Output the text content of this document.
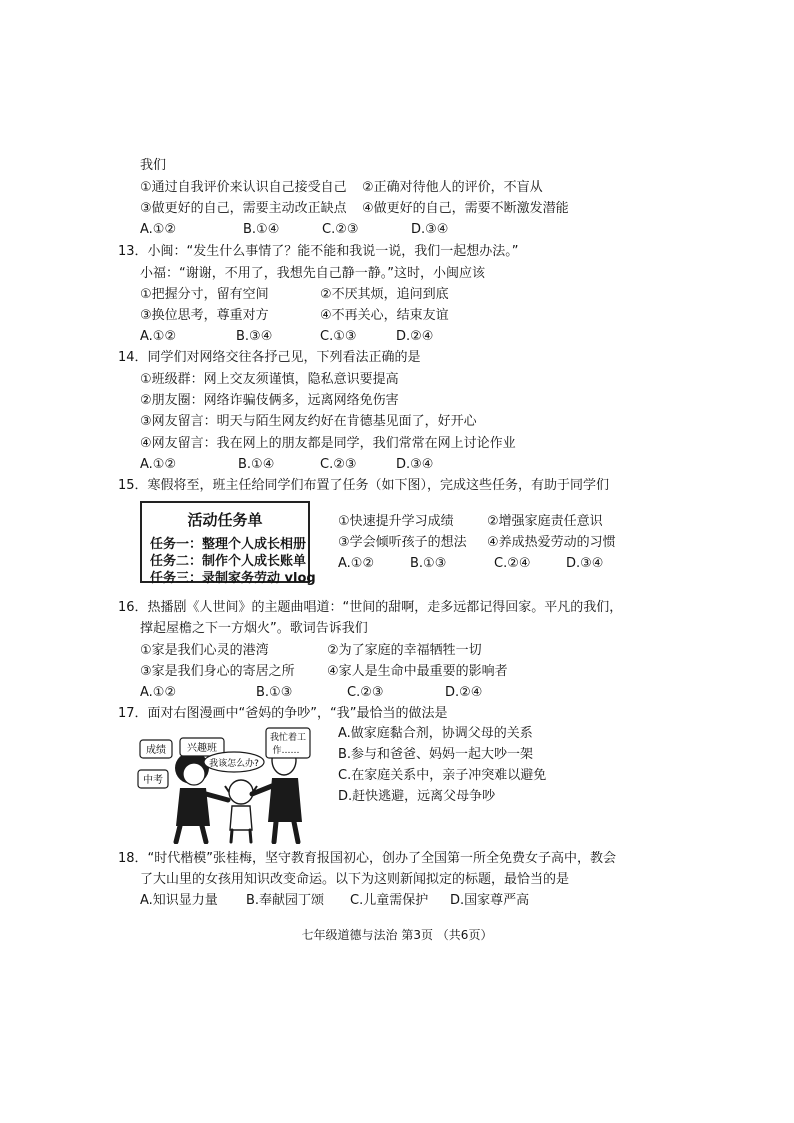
我们
①通过自我评价来认识自己接受自己 ②正确对待他人的评价，不盲从
③做更好的自己，需要主动改正缺点 ④做更好的自己，需要不断激发潜能
A.①②	B.①④	C.②③	D.③④
13．小闽：“发生什么事情了？能不能和我说一说，我们一起想办法。”
小福：“谢谢，不用了，我想先自己静一静。”这时，小闽应该
①把握分寸，留有空间	②不厌其烦，追问到底
③换位思考，尊重对方	④不再关心，结束友谊
A.①②	B.③④	C.①③	D.②④
14．同学们对网络交往各抒己见，下列看法正确的是
①班级群：网上交友须谨慎，隐私意识要提高
②朋友圈：网络诈骗伎俩多，远离网络免伤害
③网友留言：明天与陌生网友约好在肯德基见面了，好开心
④网友留言：我在网上的朋友都是同学，我们常常在网上讨论作业
A.①②	B.①④	C.②③	D.③④
15．寒假将至，班主任给同学们布置了任务（如下图），完成这些任务，有助于同学们
活动任务单
任务一：整理个人成长相册
任务二：制作个人成长账单
任务三：录制家务劳动 vlog
①快速提升学习成绩	②增强家庭责任意识
③学会倾听孩子的想法 ④养成热爱劳动的习惯
A.①②	B.①③	C.②④	D.③④
16．热播剧《人世间》的主题曲唱道：“世间的甜啊，走多远都记得回家。平凡的我们，
撑起屋檐之下一方烟火”。歌词告诉我们
①家是我们心灵的港湾	②为了家庭的幸福牺牲一切
③家是我们身心的寄居之所 ④家人是生命中最重要的影响者
A.①②	B.①③	C.②③	D.②④
17．面对右图漫画中“爸妈的争吵”，“我”最恰当的做法是
A.做家庭黏合剂，协调父母的关系
B.参与和爸爸、妈妈一起大吵一架
C.在家庭关系中，亲子冲突难以避免
D.赶快逃避，远离父母争吵
成绩 兴趣班
中考
我该怎么办?
我忙着工
作……
18．“时代楷模”张桂梅，坚守教育报国初心，创办了全国第一所全免费女子高中，教会
了大山里的女孩用知识改变命运。以下为这则新闻拟定的标题，最恰当的是
A.知识显力量 B.奉献园丁颂 C.儿童需保护 D.国家尊严高
七年级道德与法治 第3页 （共6页）
